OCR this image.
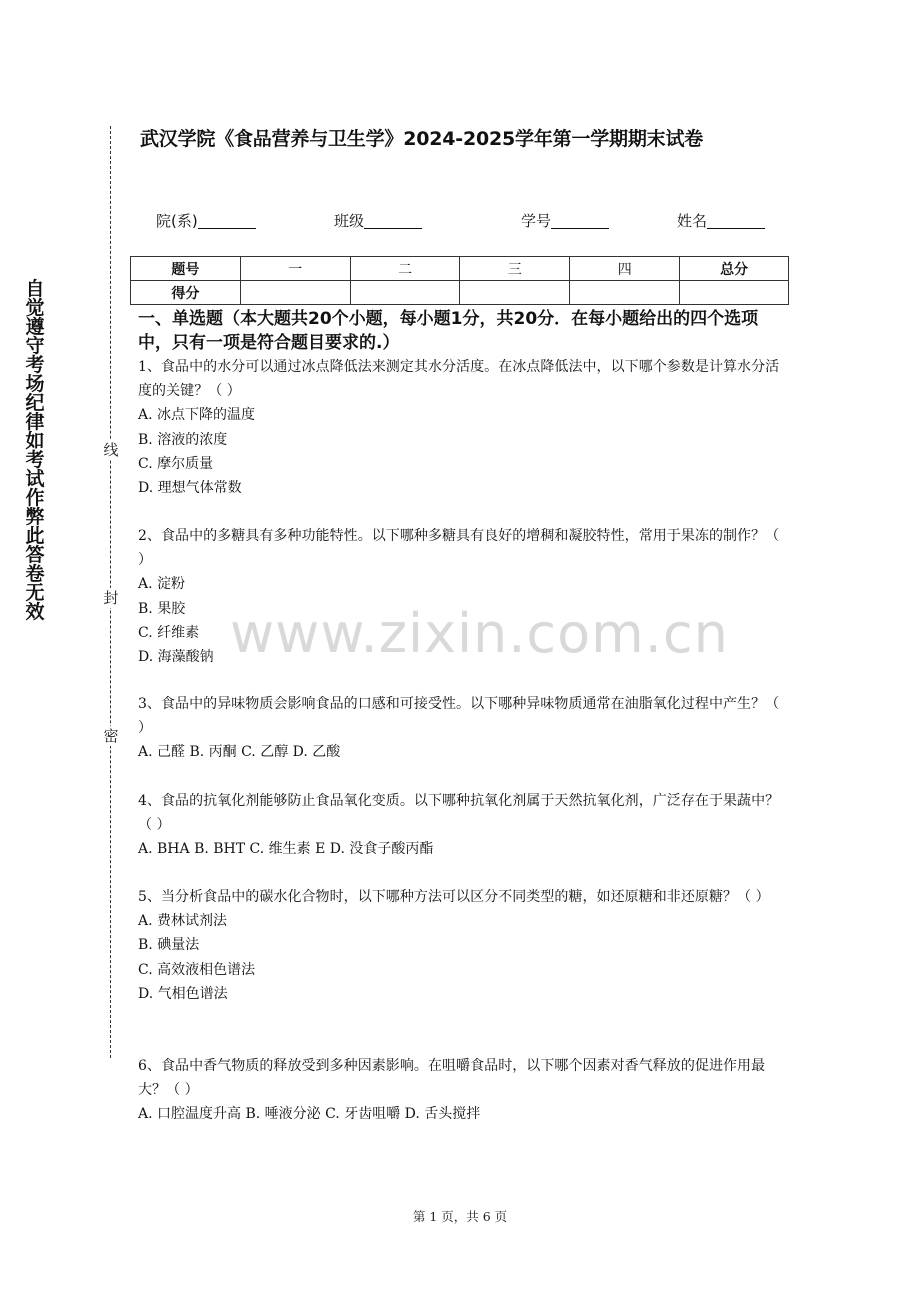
自
觉
遵
守
考
场
纪
律
如
考
试
作
弊
此
答
卷
无
效
线
封
密
武汉学院《食品营养与卫生学》2024-2025学年第一学期期末试卷
院(系)	班级	学号	姓名
题号	一	二	三	四	总分
得分					
一、单选题（本大题共20个小题，每小题1分，共20分．在每小题给出的四个选项中，只有一项是符合题目要求的.）

1、食品中的水分可以通过冰点降低法来测定其水分活度。在冰点降低法中，以下哪个参数是计算水分活度的关键？（ ）

A. 冰点下降的温度

B. 溶液的浓度

C. 摩尔质量

D. 理想气体常数

2、食品中的多糖具有多种功能特性。以下哪种多糖具有良好的增稠和凝胶特性，常用于果冻的制作？（ ）

A. 淀粉

B. 果胶

C. 纤维素

D. 海藻酸钠

3、食品中的异味物质会影响食品的口感和可接受性。以下哪种异味物质通常在油脂氧化过程中产生？（ ）

A. 己醛 B. 丙酮 C. 乙醇 D. 乙酸

4、食品的抗氧化剂能够防止食品氧化变质。以下哪种抗氧化剂属于天然抗氧化剂，广泛存在于果蔬中？（ ）

A. BHA B. BHT C. 维生素 E D. 没食子酸丙酯

5、当分析食品中的碳水化合物时，以下哪种方法可以区分不同类型的糖，如还原糖和非还原糖？（ ）

A. 费林试剂法

B. 碘量法

C. 高效液相色谱法

D. 气相色谱法

6、食品中香气物质的释放受到多种因素影响。在咀嚼食品时，以下哪个因素对香气释放的促进作用最大？（ ）

A. 口腔温度升高 B. 唾液分泌 C. 牙齿咀嚼 D. 舌头搅拌

www.zixin.com.cn
第 1 页，共 6 页
